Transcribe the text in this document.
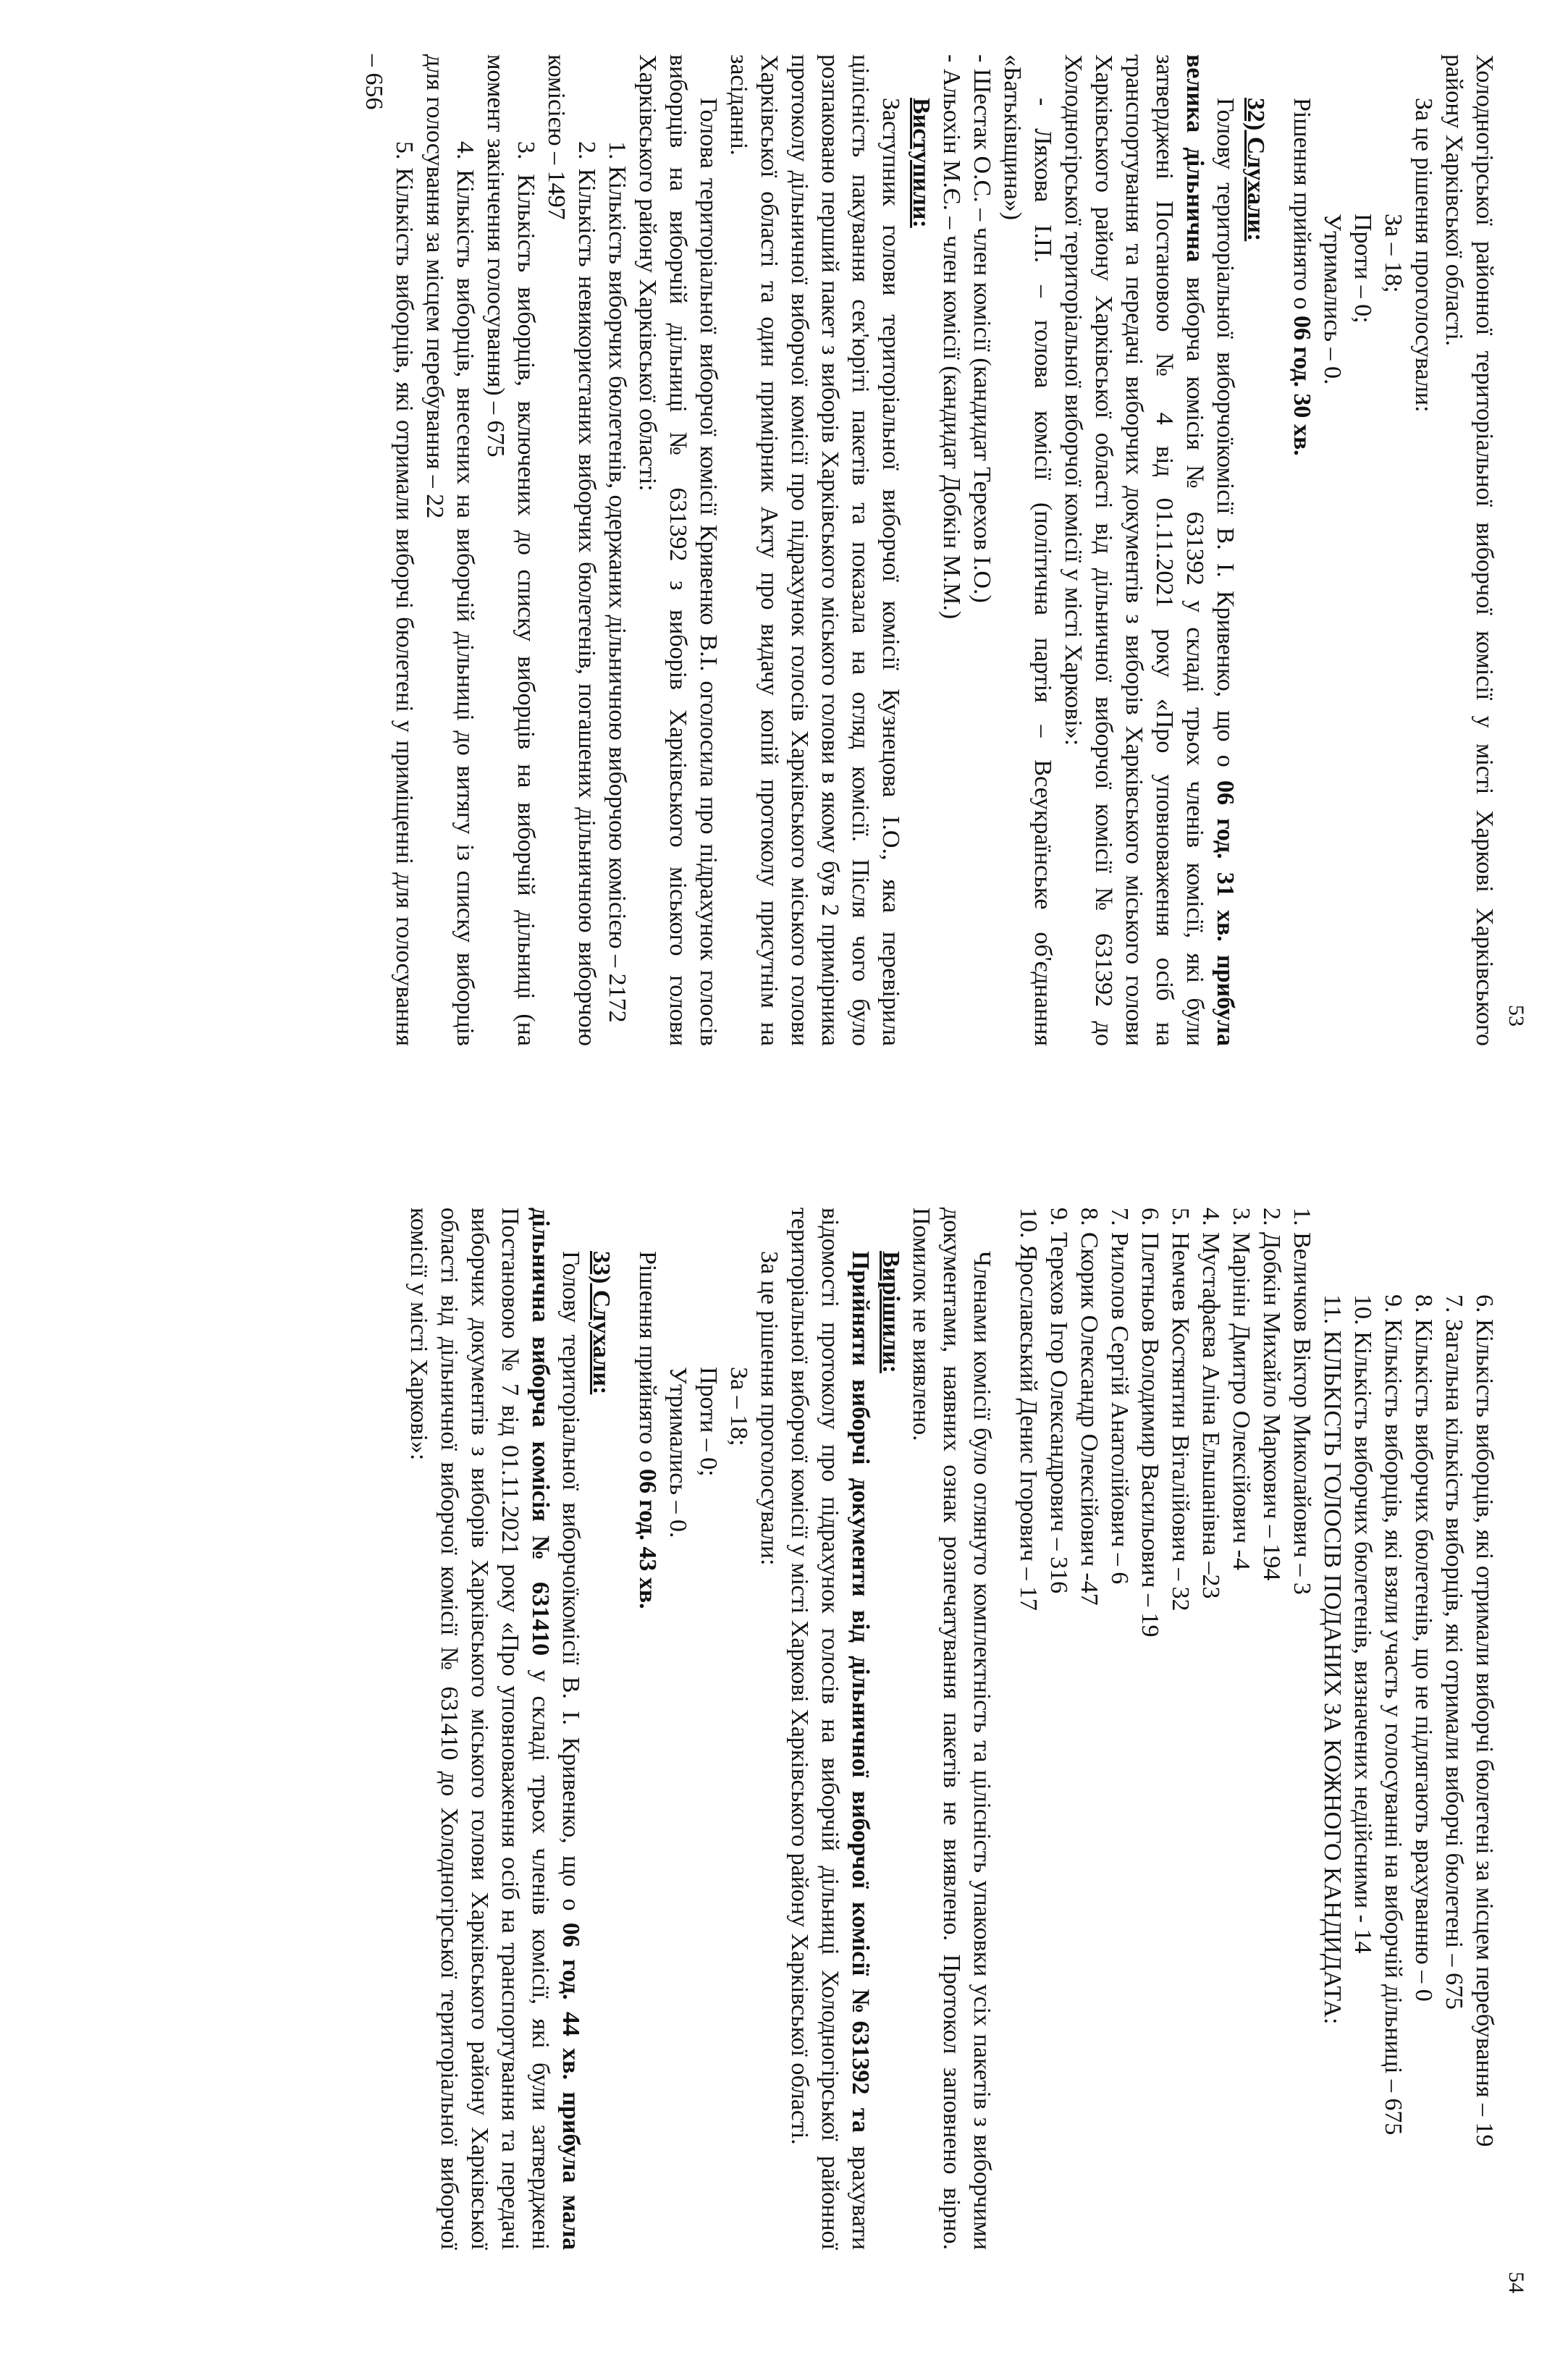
53

Холодногірської районної територіальної виборчої комісії у місті Харкові Харківського району Харківської області.

За це рішення проголосували:

За – 18;

Проти – 0;

Утримались – 0.

Рішення прийнято о 06 год. 30 хв.

32) Слухали:

Голову територіальної виборчоїкомісії В. І. Кривенко, що о 06 год. 31 хв. прибула велика дільнична виборча комісія № 631392 у складі трьох членів комісії, які були затверджені Постановою № 4 від 01.11.2021 року «Про уповноваження осіб на транспортування та передачі виборчих документів з виборів Харківського міського голови Харківського району Харківської області від дільничної виборчої комісії № 631392 до Холодногірської територіальної виборчої комісії у місті Харкові»:

- Ляхова І.П. – голова комісії (політична партія – Всеукраїнське об'єднання «Батьківщина»)

- Шестак О.С. – член комісії (кандидат Терехов І.О.)

- Альохін М.Є. – член комісії (кандидат Добкін М.М.)

Виступили:

Заступник голови територіальної виборчої комісії Кузнецова І.О., яка перевірила цілісність пакування сек'юріті пакетів та показала на огляд комісії. Після чого було розпаковано перший пакет з виборів Харківського міського голови в якому був 2 примірника протоколу дільничної виборчої комісії про підрахунок голосів Харківського міського голови Харківської області та один примірник Акту про видачу копій протоколу присутнім на засіданні.

Голова територіальної виборчої комісії Кривенко В.І. оголосила про підрахунок голосів виборців на виборчій дільниці № 631392 з виборів Харківського міського голови Харківського району Харківської області:

1. Кількість виборчих бюлетенів, одержаних дільничною виборчою комісією – 2172

2. Кількість невикористаних виборчих бюлетенів, погашених дільничною виборчою комісією – 1497

3. Кількість виборців, включених до списку виборців на виборчій дільниці (на момент закінчення голосування) – 675

4. Кількість виборців, внесених на виборчій дільниці до витягу із списку виборців для голосування за місцем перебування – 22

5. Кількість виборців, які отримали виборчі бюлетені у приміщенні для голосування – 656

54

6. Кількість виборців, які отримали виборчі бюлетені за місцем перебування – 19

7. Загальна кількість виборців, які отримали виборчі бюлетені – 675

8. Кількість виборчих бюлетенів, що не підлягають врахуванню – 0

9. Кількість виборців, які взяли участь у голосуванні на виборчій дільниці – 675

10. Кількість виборчих бюлетенів, визначених недійсними - 14

11. КІЛЬКІСТЬ ГОЛОСІВ ПОДАНИХ ЗА КОЖНОГО КАНДИДАТА:

1. Величков Віктор Миколайович – 3

2. Добкін Михайло Маркович – 194

3. Марінін Дмитро Олексійович -4

4. Мустафаєва Аліна Ельшанівна –23

5. Немчев Костянтин Віталійович – 32

6. Плетньов Володимир Васильович – 19

7. Рилолов Сергій Анатолійович – 6

8. Скорик Олександр Олексійович -47

9. Терехов Ігор Олександрович – 316

10. Ярославський Денис Ігорович – 17

Членами комісії було оглянуто комплектність та цілісність упаковки усіх пакетів з виборчими документами, наявних ознак розпечатування пакетів не виявлено. Протокол заповнено вірно. Помилок не виявлено.

Вирішили:

Прийняти виборчі документи від дільничної виборчої комісії №631392 та врахувати відомості протоколу про підрахунок голосів на виборчій дільниці Холодногірської районної територіальної виборчої комісії у місті Харкові Харківського району Харківської області.

За це рішення проголосували:

За – 18;

Проти – 0;

Утримались – 0.

Рішення прийнято о 06 год. 43 хв.

33) Слухали:

Голову територіальної виборчоїкомісії В. І. Кривенко, що о 06 год. 44 хв. прибула мала дільнична виборча комісія № 631410 у складі трьох членів комісії, які були затверджені Постановою № 7 від 01.11.2021 року «Про уповноваження осіб на транспортування та передачі виборчих документів з виборів Харківського міського голови Харківського району Харківської області від дільничної виборчої комісії № 631410 до Холодногірської територіальної виборчої комісії у місті Харкові»:
